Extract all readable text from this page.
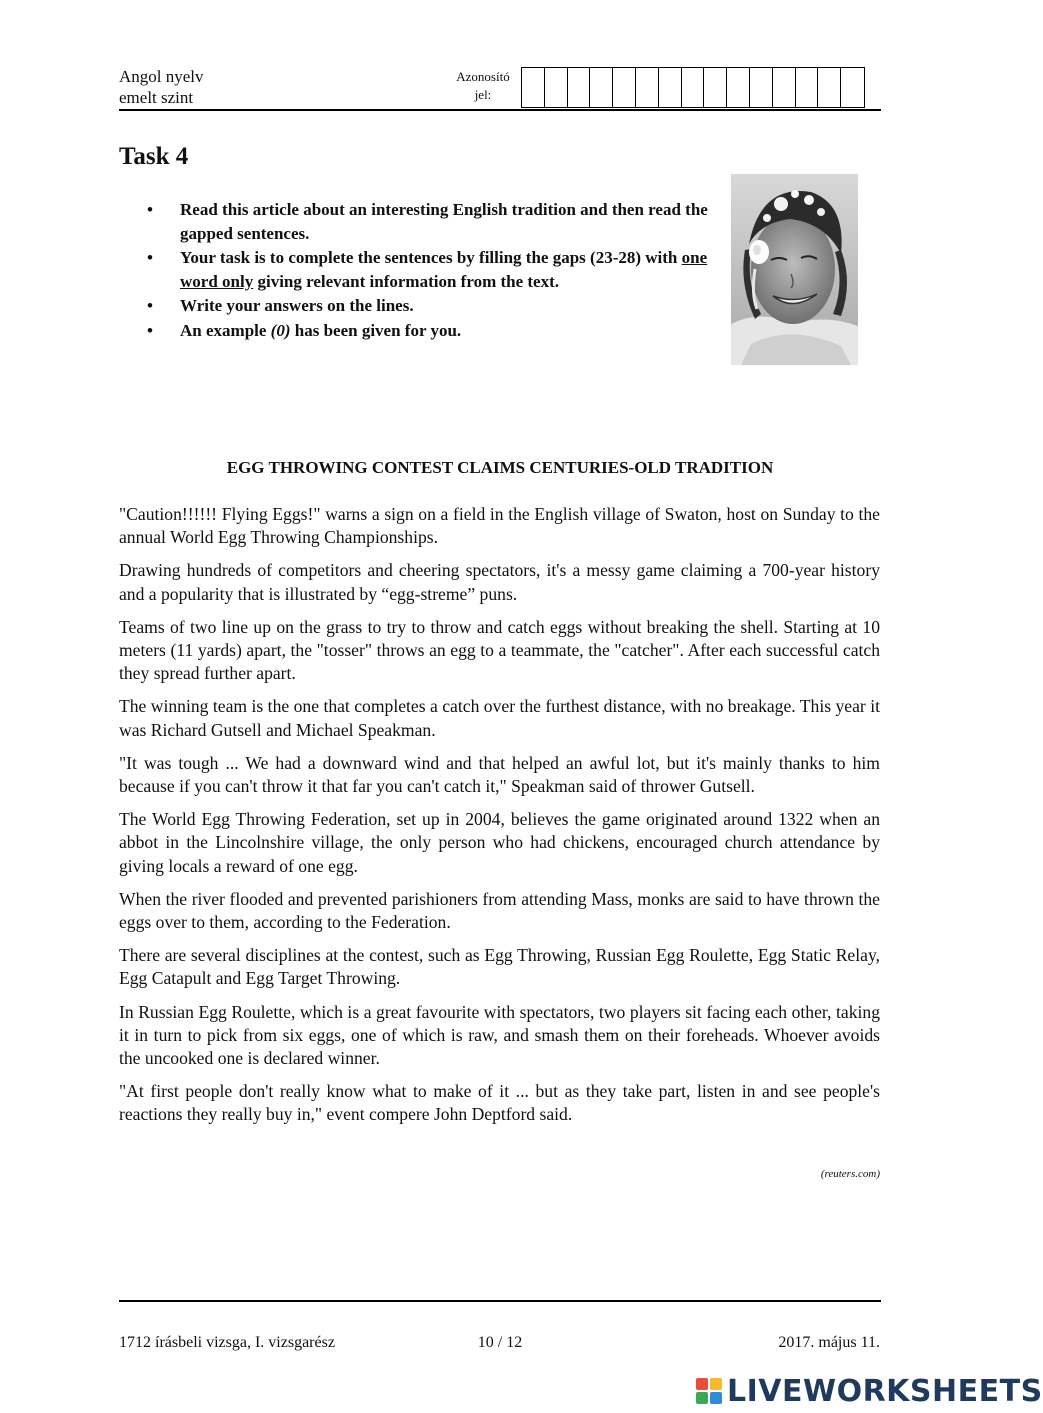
Angol nyelv
emelt szint
Azonosító
jel:
Task 4
• Read this article about an interesting English tradition and then read the gapped sentences.
• Your task is to complete the sentences by filling the gaps (23-28) with one word only giving relevant information from the text.
• Write your answers on the lines.
• An example (0) has been given for you.
EGG THROWING CONTEST CLAIMS CENTURIES-OLD TRADITION

"Caution!!!!!! Flying Eggs!" warns a sign on a field in the English village of Swaton, host on Sunday to the annual World Egg Throwing Championships.

Drawing hundreds of competitors and cheering spectators, it's a messy game claiming a 700-year history and a popularity that is illustrated by “egg-streme” puns.

Teams of two line up on the grass to try to throw and catch eggs without breaking the shell. Starting at 10 meters (11 yards) apart, the "tosser" throws an egg to a teammate, the "catcher". After each successful catch they spread further apart.

The winning team is the one that completes a catch over the furthest distance, with no breakage. This year it was Richard Gutsell and Michael Speakman.

"It was tough ... We had a downward wind and that helped an awful lot, but it's mainly thanks to him because if you can't throw it that far you can't catch it," Speakman said of thrower Gutsell.

The World Egg Throwing Federation, set up in 2004, believes the game originated around 1322 when an abbot in the Lincolnshire village, the only person who had chickens, encouraged church attendance by giving locals a reward of one egg.

When the river flooded and prevented parishioners from attending Mass, monks are said to have thrown the eggs over to them, according to the Federation.

There are several disciplines at the contest, such as Egg Throwing, Russian Egg Roulette, Egg Static Relay, Egg Catapult and Egg Target Throwing.

In Russian Egg Roulette, which is a great favourite with spectators, two players sit facing each other, taking it in turn to pick from six eggs, one of which is raw, and smash them on their foreheads. Whoever avoids the uncooked one is declared winner.

"At first people don't really know what to make of it ... but as they take part, listen in and see people's reactions they really buy in," event compere John Deptford said.

(reuters.com)
1712 írásbeli vizsga, I. vizsgarész	10 / 12	2017. május 11.
LIVEWORKSHEETS
